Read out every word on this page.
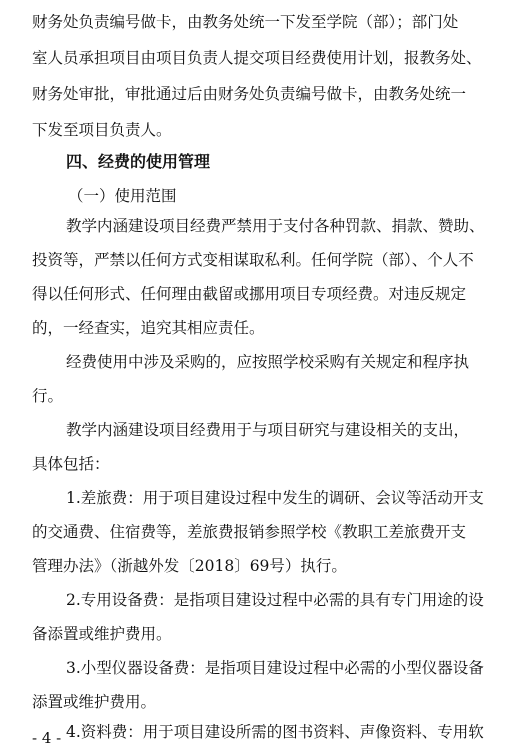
财务处负责编号做卡，由教务处统一下发至学院（部）；部门处
室人员承担项目由项目负责人提交项目经费使用计划，报教务处、
财务处审批，审批通过后由财务处负责编号做卡，由教务处统一
下发至项目负责人。
四、经费的使用管理
（一）使用范围
教学内涵建设项目经费严禁用于支付各种罚款、捐款、赞助、
投资等，严禁以任何方式变相谋取私利。任何学院（部）、个人不
得以任何形式、任何理由截留或挪用项目专项经费。对违反规定
的，一经查实，追究其相应责任。
经费使用中涉及采购的，应按照学校采购有关规定和程序执
行。
教学内涵建设项目经费用于与项目研究与建设相关的支出，
具体包括：
1.差旅费：用于项目建设过程中发生的调研、会议等活动开支
的交通费、住宿费等，差旅费报销参照学校《教职工差旅费开支
管理办法》（浙越外发〔2018〕69号）执行。
2.专用设备费：是指项目建设过程中必需的具有专门用途的设
备添置或维护费用。
3.小型仪器设备费：是指项目建设过程中必需的小型仪器设备
添置或维护费用。
4.资料费：用于项目建设所需的图书资料、声像资料、专用软
- 4 -
